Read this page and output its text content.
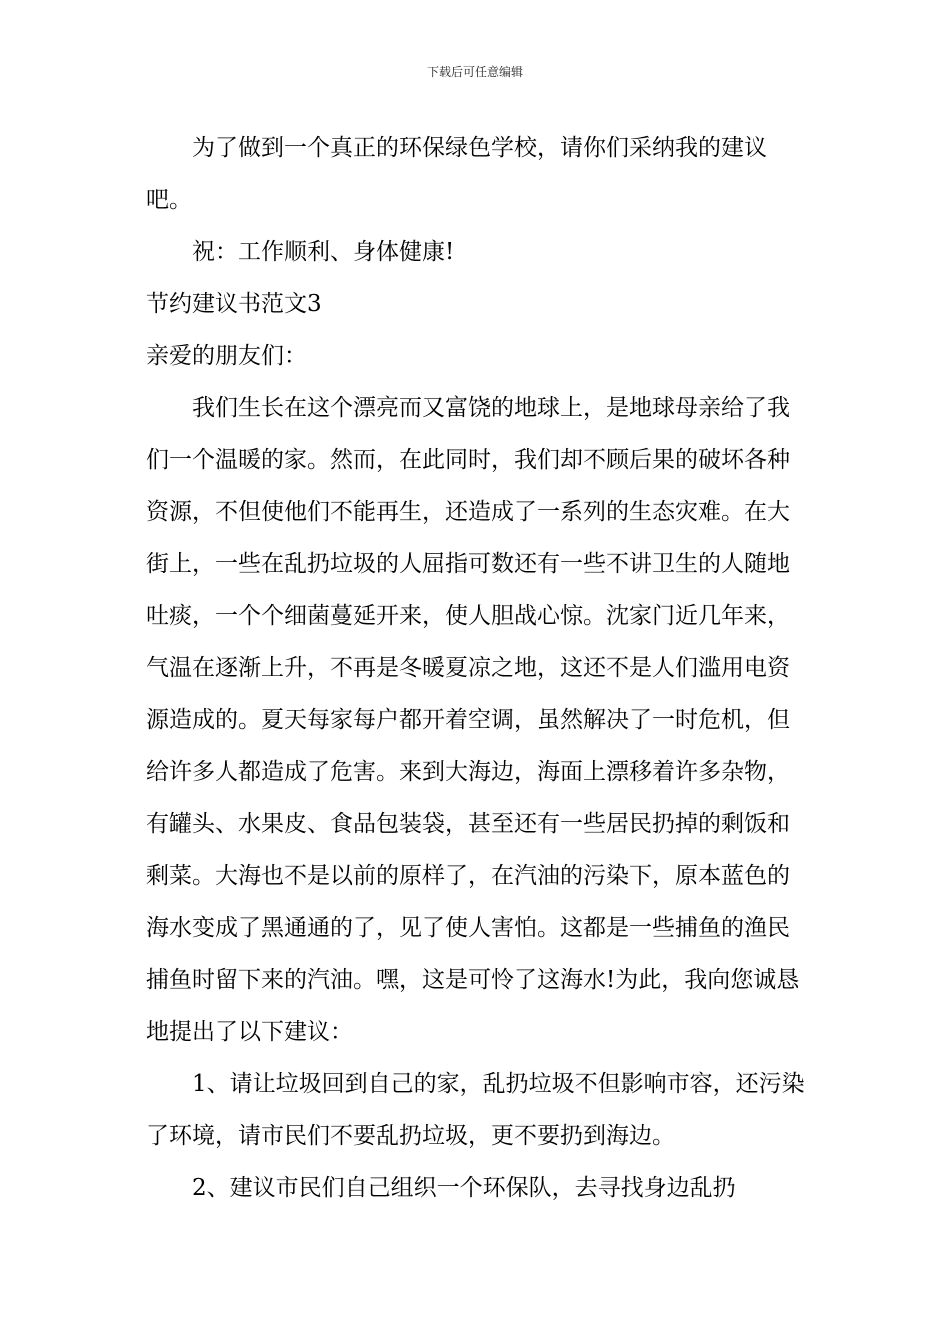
下载后可任意编辑

为了做到一个真正的环保绿色学校，请你们采纳我的建议吧。

祝：工作顺利、身体健康!

节约建议书范文3

亲爱的朋友们：

我们生长在这个漂亮而又富饶的地球上，是地球母亲给了我们一个温暖的家。然而，在此同时，我们却不顾后果的破坏各种资源，不但使他们不能再生，还造成了一系列的生态灾难。在大街上，一些在乱扔垃圾的人屈指可数还有一些不讲卫生的人随地吐痰，一个个细菌蔓延开来，使人胆战心惊。沈家门近几年来，气温在逐渐上升，不再是冬暖夏凉之地，这还不是人们滥用电资源造成的。夏天每家每户都开着空调，虽然解决了一时危机，但给许多人都造成了危害。来到大海边，海面上漂移着许多杂物，有罐头、水果皮、食品包装袋，甚至还有一些居民扔掉的剩饭和剩菜。大海也不是以前的原样了，在汽油的污染下，原本蓝色的海水变成了黑通通的了，见了使人害怕。这都是一些捕鱼的渔民捕鱼时留下来的汽油。嘿，这是可怜了这海水!为此，我向您诚恳地提出了以下建议：

1、请让垃圾回到自己的家，乱扔垃圾不但影响市容，还污染了环境，请市民们不要乱扔垃圾，更不要扔到海边。

2、建议市民们自己组织一个环保队，去寻找身边乱扔
